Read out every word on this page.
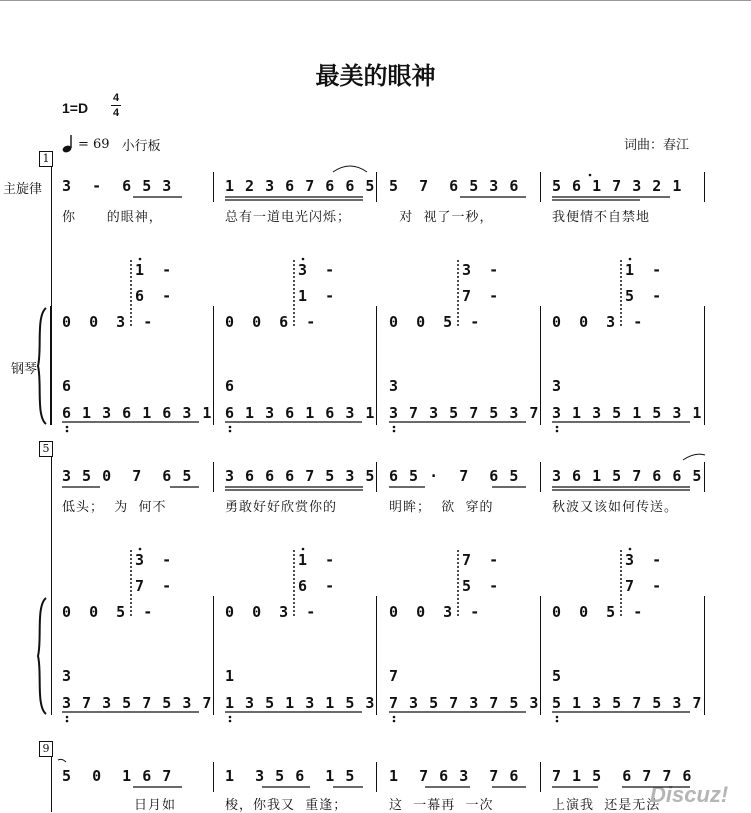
最美的眼神
1=D
4
4
= 69 小行板	词曲：春江
1
主旋律
钢琴
3  -  6 5 3	1 2 3 6 7 6 6 5 5  7  6 5 3 6 5 6 1 7 3 2 1
你      的眼神，	总有一道电光闪烁；	对  视了一秒，	我便情不自禁地
1  -
6  -
0  0  3  -
3  -
1  -
0  0  6  -
3  -
7  -
0  0  5  -
1  -
5  -
0  0  3  -
6
6 1 3 6 1 6 3 1
6
6 1 3 6 1 6 3 1
3
3 7 3 5 7 5 3 7
3
3 1 3 5 1 5 3 1
5
3 5 0  7  6 5 3 6 6 6 7 5 3 5 6 5 ·  7  6 5 3 6 1 5 7 6 6 5
低头；  为  何不	勇敢好好欣赏你的	明眸；  欲  穿的	秋波又该如何传送。
3  -
7  -
0  0  5  -
1  -
6  -
0  0  3  -
7  -
5  -
0  0  3  -
3  -
7  -
0  0  5  -
3
3 7 3 5 7 5 3 7
1
1 3 5 1 3 1 5 3
7
7 3 5 7 3 7 5 3
5
5 1 3 5 7 5 3 7
9
5  0  1 6 7	1  3 5 6  1 5 1  7 6 3  7 6 7 1 5  6 7 7 6
日月如	梭，你我又  重逢；	这  一幕再  一次	上演我  还是无法
Discuz!
